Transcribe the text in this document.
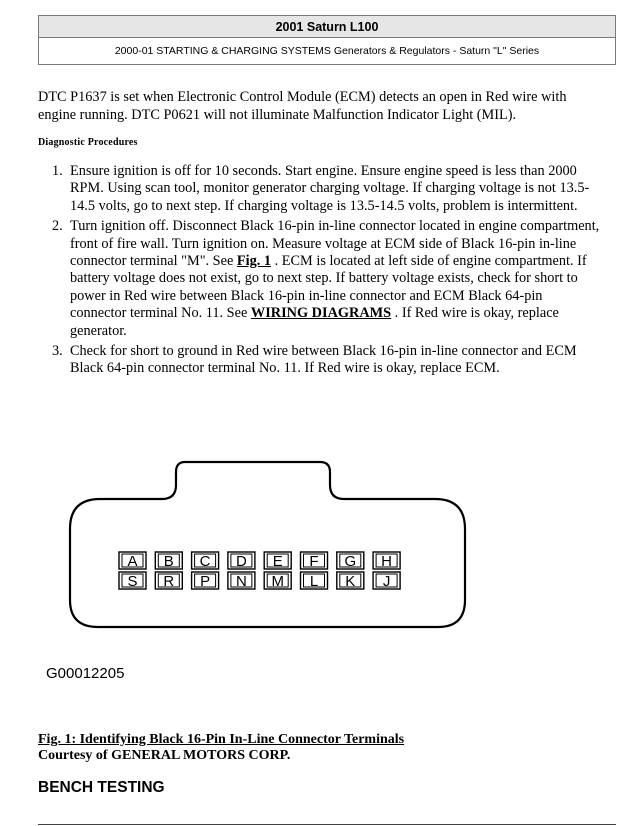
2001 Saturn L100
2000-01 STARTING & CHARGING SYSTEMS Generators & Regulators - Saturn "L" Series

DTC P1637 is set when Electronic Control Module (ECM) detects an open in Red wire with engine running. DTC P0621 will not illuminate Malfunction Indicator Light (MIL).

Diagnostic Procedures
1. Ensure ignition is off for 10 seconds. Start engine. Ensure engine speed is less than 2000 RPM. Using scan tool, monitor generator charging voltage. If charging voltage is not 13.5-14.5 volts, go to next step. If charging voltage is 13.5-14.5 volts, problem is intermittent.
2. Turn ignition off. Disconnect Black 16-pin in-line connector located in engine compartment, front of fire wall. Turn ignition on. Measure voltage at ECM side of Black 16-pin in-line connector terminal "M". See Fig. 1 . ECM is located at left side of engine compartment. If battery voltage does not exist, go to next step. If battery voltage exists, check for short to power in Red wire between Black 16-pin in-line connector and ECM Black 64-pin connector terminal No. 11. See WIRING DIAGRAMS . If Red wire is okay, replace generator.
3. Check for short to ground in Red wire between Black 16-pin in-line connector and ECM Black 64-pin connector terminal No. 11. If Red wire is okay, replace ECM.
A B C D E F G H
S R P N M L K J
G00012205
Fig. 1: Identifying Black 16-Pin In-Line Connector Terminals
Courtesy of GENERAL MOTORS CORP.
BENCH TESTING
